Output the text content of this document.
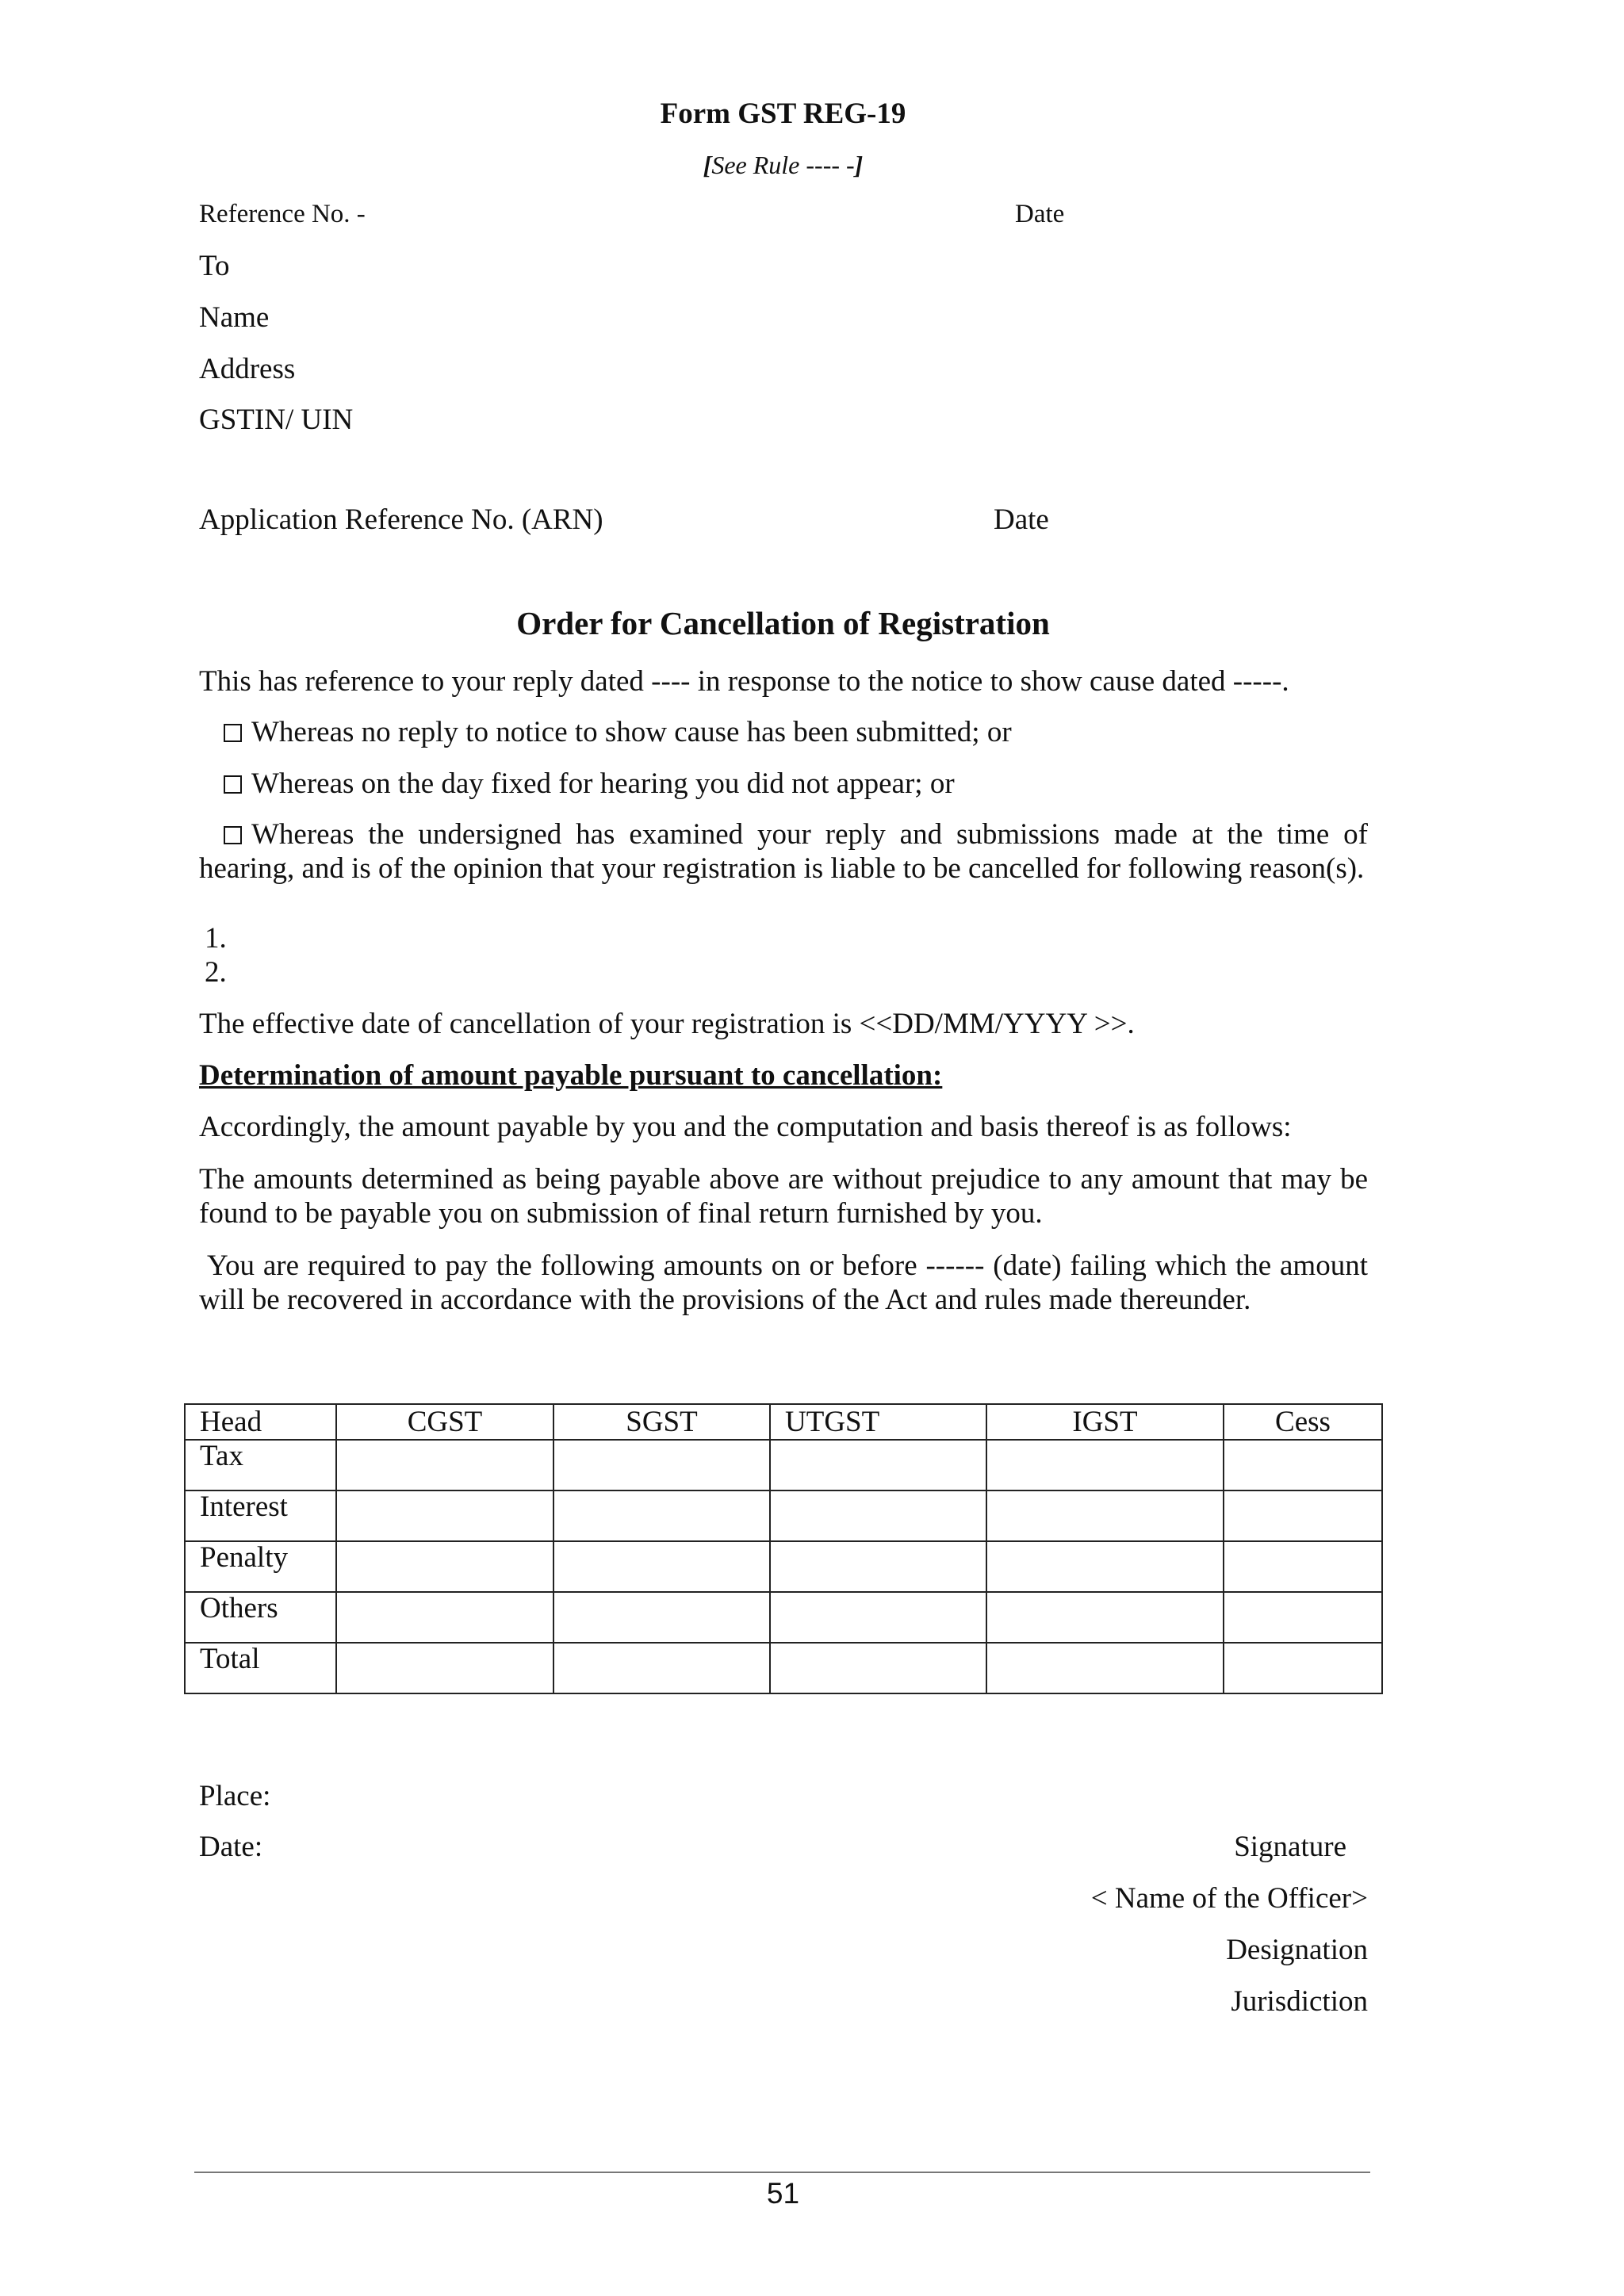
Form GST REG-19
[See Rule ---- -]
Reference No. -	Date
To
Name
Address
GSTIN/ UIN
Application Reference No. (ARN)	Date
Order for Cancellation of Registration
This has reference to your reply dated ---- in response to the notice to show cause dated -----.
Whereas no reply to notice to show cause has been submitted; or
Whereas on the day fixed for hearing you did not appear; or
Whereas the undersigned has examined your reply and submissions made at the time of hearing, and is of the opinion that your registration is liable to be cancelled for following reason(s).
1.
2.
The effective date of cancellation of your registration is <<DD/MM/YYYY >>.
Determination of amount payable pursuant to cancellation:
Accordingly, the amount payable by you and the computation and basis thereof is as follows:
The amounts determined as being payable above are without prejudice to any amount that may be found to be payable you on submission of final return furnished by you.
You are required to pay the following amounts on or before ------ (date) failing which the amount will be recovered in accordance with the provisions of the Act and rules made thereunder.
Head	CGST	SGST	UTGST	IGST	Cess
Tax					
Interest					
Penalty					
Others					
Total					
Place:
Date:	Signature
< Name of the Officer>
Designation
Jurisdiction
51
